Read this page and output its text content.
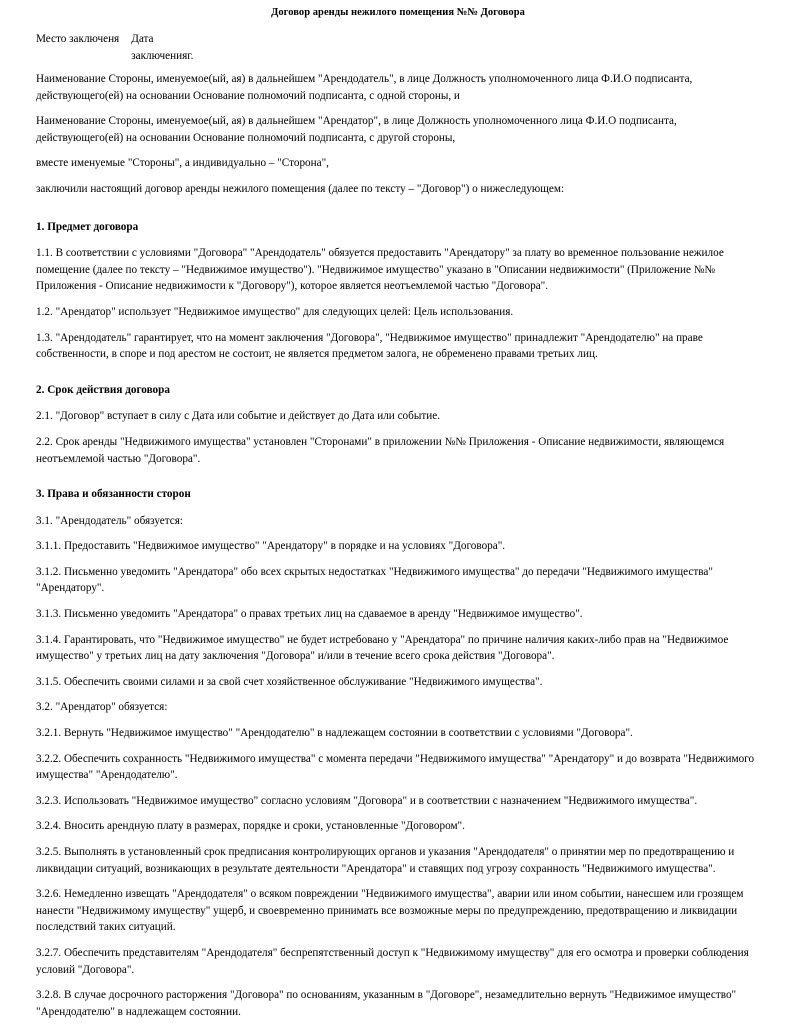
Договор аренды нежилого помещения №№ Договора
Место заключеня Дата
заключенияг.

Наименование Стороны, именуемое(ый, ая) в дальнейшем "Арендодатель", в лице Должность уполномоченного лица Ф.И.О подписанта, действующего(ей) на основании Основание полномочий подписанта, с одной стороны, и

Наименование Стороны, именуемое(ый, ая) в дальнейшем "Арендатор", в лице Должность уполномоченного лица Ф.И.О подписанта, действующего(ей) на основании Основание полномочий подписанта, с другой стороны,

вместе именуемые "Стороны", а индивидуально – "Сторона",

заключили настоящий договор аренды нежилого помещения (далее по тексту – "Договор") о нижеследующем:

1. Предмет договора

1.1. В соответствии с условиями "Договора" "Арендодатель" обязуется предоставить "Арендатору" за плату во временное пользование нежилое помещение (далее по тексту – "Недвижимое имущество"). "Недвижимое имущество" указано в "Описании недвижимости" (Приложение №№ Приложения - Описание недвижимости к "Договору"), которое является неотъемлемой частью "Договора".

1.2. "Арендатор" использует "Недвижимое имущество" для следующих целей: Цель использования.

1.3. "Арендодатель" гарантирует, что на момент заключения "Договора", "Недвижимое имущество" принадлежит "Арендодателю" на праве собственности, в споре и под арестом не состоит, не является предметом залога, не обременено правами третьих лиц.

2. Срок действия договора

2.1. "Договор" вступает в силу с Дата или событие и действует до Дата или событие.

2.2. Срок аренды "Недвижимого имущества" установлен "Сторонами" в приложении №№ Приложения - Описание недвижимости, являющемся неотъемлемой частью "Договора".

3. Права и обязанности сторон

3.1. "Арендодатель" обязуется:

3.1.1. Предоставить "Недвижимое имущество" "Арендатору" в порядке и на условиях "Договора".

3.1.2. Письменно уведомить "Арендатора" обо всех скрытых недостатках "Недвижимого имущества" до передачи "Недвижимого имущества" "Арендатору".

3.1.3. Письменно уведомить "Арендатора" о правах третьих лиц на сдаваемое в аренду "Недвижимое имущество".

3.1.4. Гарантировать, что "Недвижимое имущество" не будет истребовано у "Арендатора" по причине наличия каких-либо прав на "Недвижимое имущество" у третьих лиц на дату заключения "Договора" и/или в течение всего срока действия "Договора".

3.1.5. Обеспечить своими силами и за свой счет хозяйственное обслуживание "Недвижимого имущества".

3.2. "Арендатор" обязуется:

3.2.1. Вернуть "Недвижимое имущество" "Арендодателю" в надлежащем состоянии в соответствии с условиями "Договора".

3.2.2. Обеспечить сохранность "Недвижимого имущества" с момента передачи "Недвижимого имущества" "Арендатору" и до возврата "Недвижимого имущества" "Арендодателю".

3.2.3. Использовать "Недвижимое имущество" согласно условиям "Договора" и в соответствии с назначением "Недвижимого имущества".

3.2.4. Вносить арендную плату в размерах, порядке и сроки, установленные "Договором".

3.2.5. Выполнять в установленный срок предписания контролирующих органов и указания "Арендодателя" о принятии мер по предотвращению и ликвидации ситуаций, возникающих в результате деятельности "Арендатора" и ставящих под угрозу сохранность "Недвижимого имущества".

3.2.6. Немедленно извещать "Арендодателя" о всяком повреждении "Недвижимого имущества", аварии или ином событии, нанесшем или грозящем нанести "Недвижимому имуществу" ущерб, и своевременно принимать все возможные меры по предупреждению, предотвращению и ликвидации последствий таких ситуаций.

3.2.7. Обеспечить представителям "Арендодателя" беспрепятственный доступ к "Недвижимому имуществу" для его осмотра и проверки соблюдения условий "Договора".

3.2.8. В случае досрочного расторжения "Договора" по основаниям, указанным в "Договоре", незамедлительно вернуть "Недвижимое имущество" "Арендодателю" в надлежащем состоянии.
